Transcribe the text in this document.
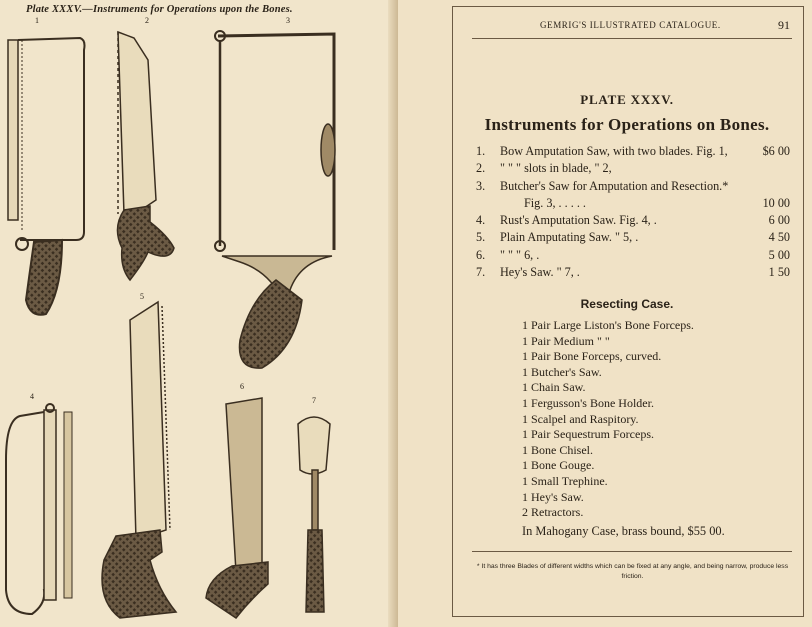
Plate XXXV.—Instruments for Operations upon the Bones.
1	2	3
5
4
6
7
GEMRIG'S ILLUSTRATED CATALOGUE.	91
PLATE XXXV.
Instruments for Operations on Bones.
1. Bow Amputation Saw, with two blades. Fig. 1,	$6 00
2. " " " slots in blade, " 2,
3. Butcher's Saw for Amputation and Resection.*
Fig. 3, . . . . .	10 00
4. Rust's Amputation Saw. Fig. 4, .	6 00
5. Plain Amputating Saw. " 5, .	4 50
6. " " " 6, .	5 00
7. Hey's Saw. " 7, .	1 50
Resecting Case.
1 Pair Large Liston's Bone Forceps.
1 Pair Medium " "
1 Pair Bone Forceps, curved.
1 Butcher's Saw.
1 Chain Saw.
1 Fergusson's Bone Holder.
1 Scalpel and Raspitory.
1 Pair Sequestrum Forceps.
1 Bone Chisel.
1 Bone Gouge.
1 Small Trephine.
1 Hey's Saw.
2 Retractors.
In Mahogany Case, brass bound, $55 00.
* It has three Blades of different widths which can be fixed at any angle, and being narrow, produce less friction.
